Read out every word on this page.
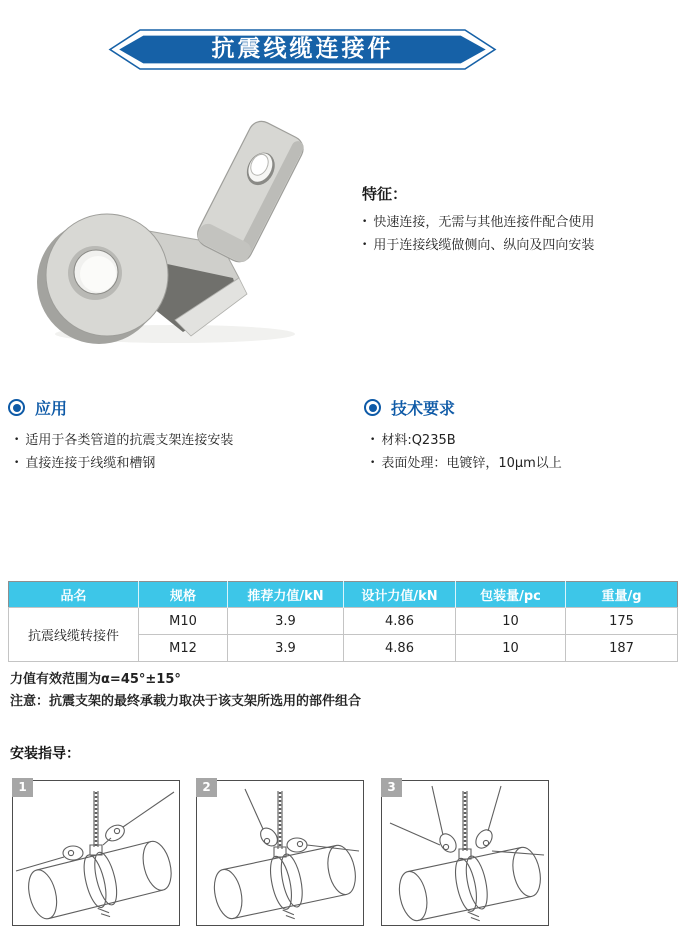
抗震线缆连接件
特征：
• 快速连接，无需与其他连接件配合使用
• 用于连接线缆做侧向、纵向及四向安装
应用
• 适用于各类管道的抗震支架连接安装
• 直接连接于线缆和槽钢
技术要求
• 材料:Q235B
• 表面处理：电镀锌，10μm以上
品名	规格	推荐力值/kN	设计力值/kN	包装量/pc	重量/g
抗震线缆转接件	M10	3.9	4.86	10	175
	M12	3.9	4.86	10	187
力值有效范围为α=45°±15°
注意：抗震支架的最终承载力取决于该支架所选用的部件组合
安装指导：
1	2	3
